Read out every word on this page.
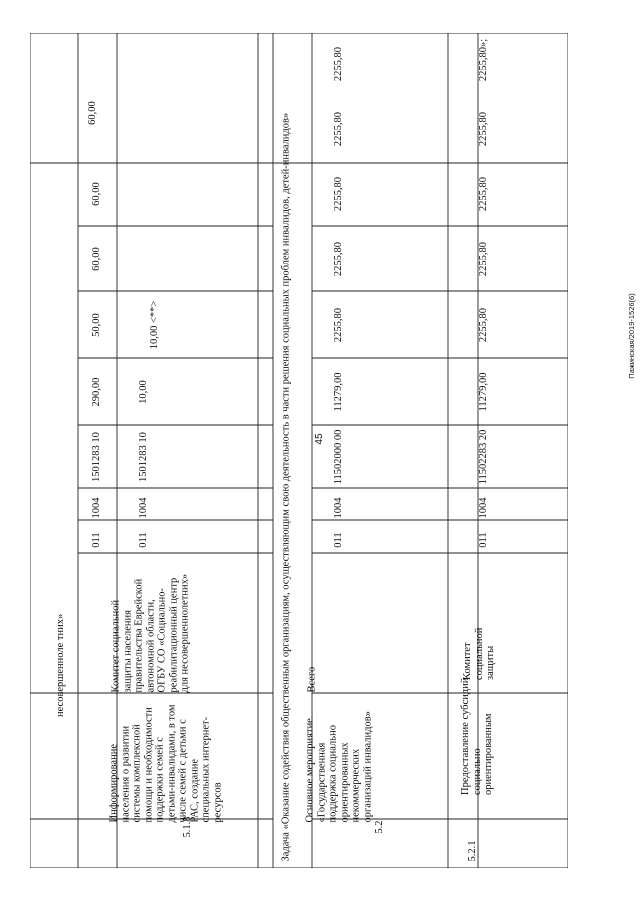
45
Пажинская/2019-1526(6)
несовершенноле тних»
60,00
5.1.8
Информирование населения о развитии системы комплексной помощи и необходимости поддержки семей с детьми-инвалидами, в том числе семей с детьми с РАС, создание специальных интернет-ресурсов
Комитет социальной защиты населения правительства Еврейской автономной области, ОГБУ СО «Социально-реабилитационный центр для несовершеннолетних»
011
1004
1501283 10
290,00
50,00
60,00
60,00
011
1004
1501283 10
10,00
10,00 <**>	Задача «Оказание содействия общественным организациям, осуществляющим свою деятельность в части решения социальных проблем инвалидов, детей-инвалидов»	5.2
Основное мероприятие «Государственная поддержка социально ориентированных некоммерческих организаций инвалидов»
Всего
011
1004
11502000 00
11279,00
2255,80
2255,80
2255,80
2255,80
2255,80
5.2.1
Предоставление субсидий социально ориентированным
Комитет социальной защиты
011
1004
11502283 20
11279,00
2255,80
2255,80
2255,80
2255,80
2255,80»;
